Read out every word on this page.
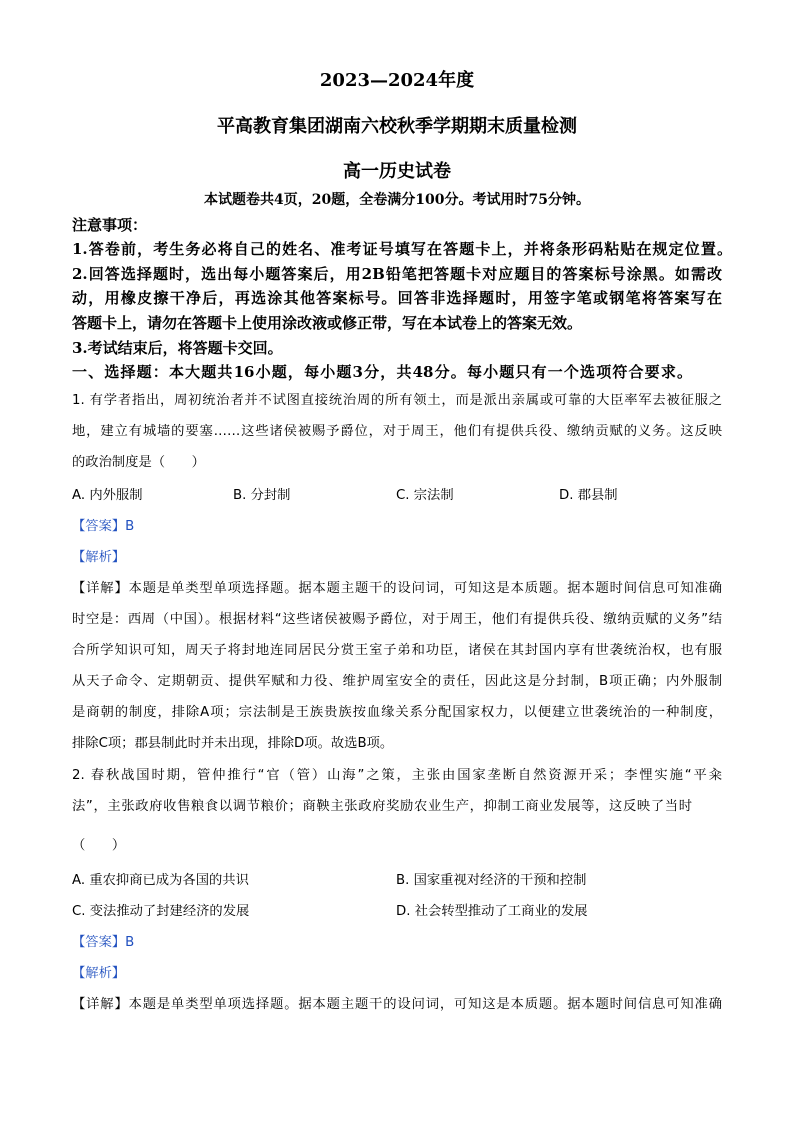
2023—2024年度
平高教育集团湖南六校秋季学期期末质量检测
高一历史试卷
本试题卷共4页，20题，全卷满分100分。考试用时75分钟。
注意事项：
1.答卷前，考生务必将自己的姓名、准考证号填写在答题卡上，并将条形码粘贴在规定位置。
2.回答选择题时，选出每小题答案后，用2B铅笔把答题卡对应题目的答案标号涂黑。如需改
动，用橡皮擦干净后，再选涂其他答案标号。回答非选择题时，用签字笔或钢笔将答案写在
答题卡上，请勿在答题卡上使用涂改液或修正带，写在本试卷上的答案无效。
3.考试结束后，将答题卡交回。
一、选择题：本大题共16小题，每小题3分，共48分。每小题只有一个选项符合要求。
1. 有学者指出，周初统治者并不试图直接统治周的所有领土，而是派出亲属或可靠的大臣率军去被征服之
地，建立有城墙的要塞……这些诸侯被赐予爵位，对于周王，他们有提供兵役、缴纳贡赋的义务。这反映
的政治制度是（　　）
A. 内外服制	B. 分封制	C. 宗法制	D. 郡县制
【答案】B
【解析】
【详解】本题是单类型单项选择题。据本题主题干的设问词，可知这是本质题。据本题时间信息可知准确
时空是：西周（中国）。根据材料“这些诸侯被赐予爵位，对于周王，他们有提供兵役、缴纳贡赋的义务”结
合所学知识可知，周天子将封地连同居民分赏王室子弟和功臣，诸侯在其封国内享有世袭统治权，也有服
从天子命令、定期朝贡、提供军赋和力役、维护周室安全的责任，因此这是分封制，B项正确；内外服制
是商朝的制度，排除A项；宗法制是王族贵族按血缘关系分配国家权力，以便建立世袭统治的一种制度，
排除C项；郡县制此时并未出现，排除D项。故选B项。
2. 春秋战国时期，管仲推行“官（管）山海”之策，主张由国家垄断自然资源开采；李悝实施“平籴
法”，主张政府收售粮食以调节粮价；商鞅主张政府奖励农业生产，抑制工商业发展等，这反映了当时
（　　）
A. 重农抑商已成为各国的共识	B. 国家重视对经济的干预和控制
C. 变法推动了封建经济的发展	D. 社会转型推动了工商业的发展
【答案】B
【解析】
【详解】本题是单类型单项选择题。据本题主题干的设问词，可知这是本质题。据本题时间信息可知准确
